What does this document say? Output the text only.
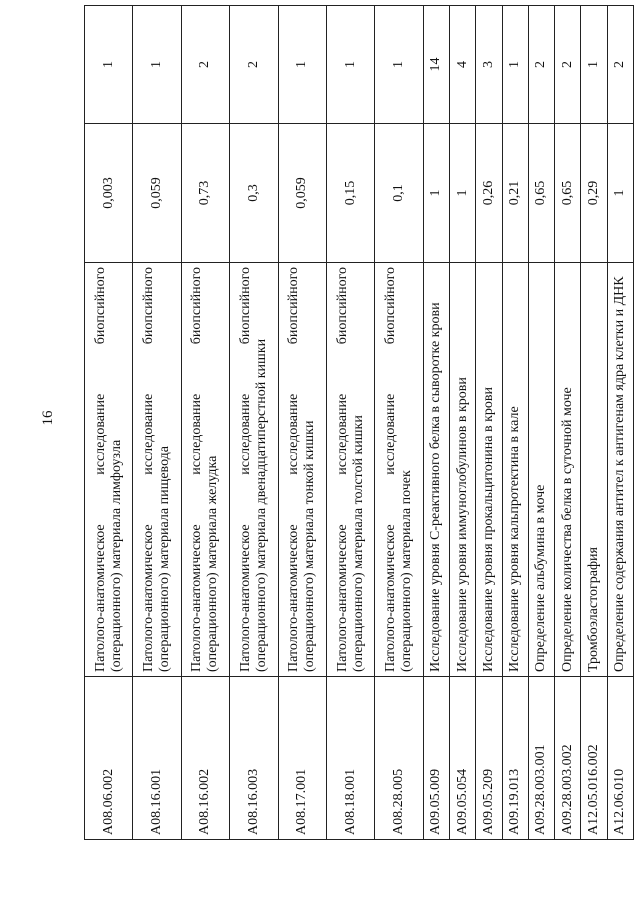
16
A08.06.002	Патолого-анатомическое исследование биопсийного (операционного) материала лимфоузла	0,003	1
A08.16.001	Патолого-анатомическое исследование биопсийного (операционного) материала пищевода	0,059	1
A08.16.002	Патолого-анатомическое исследование биопсийного (операционного) материала желудка	0,73	2
A08.16.003	Патолого-анатомическое исследование биопсийного (операционного) материала двенадцатиперстной кишки	0,3	2
A08.17.001	Патолого-анатомическое исследование биопсийного (операционного) материала тонкой кишки	0,059	1
A08.18.001	Патолого-анатомическое исследование биопсийного (операционного) материала толстой кишки	0,15	1
A08.28.005	Патолого-анатомическое исследование биопсийного (операционного) материала почек	0,1	1
A09.05.009	Исследование уровня С-реактивного белка в сыворотке крови	1	14
A09.05.054	Исследование уровня иммуноглобулинов в крови	1	4
A09.05.209	Исследование уровня прокальцитонина в крови	0,26	3
A09.19.013	Исследование уровня кальпротектина в кале	0,21	1
A09.28.003.001	Определение альбумина в моче	0,65	2
A09.28.003.002	Определение количества белка в суточной моче	0,65	2
A12.05.016.002	Тромбоэластография	0,29	1
A12.06.010	Определение содержания антител к антигенам ядра клетки и ДНК	1	2
